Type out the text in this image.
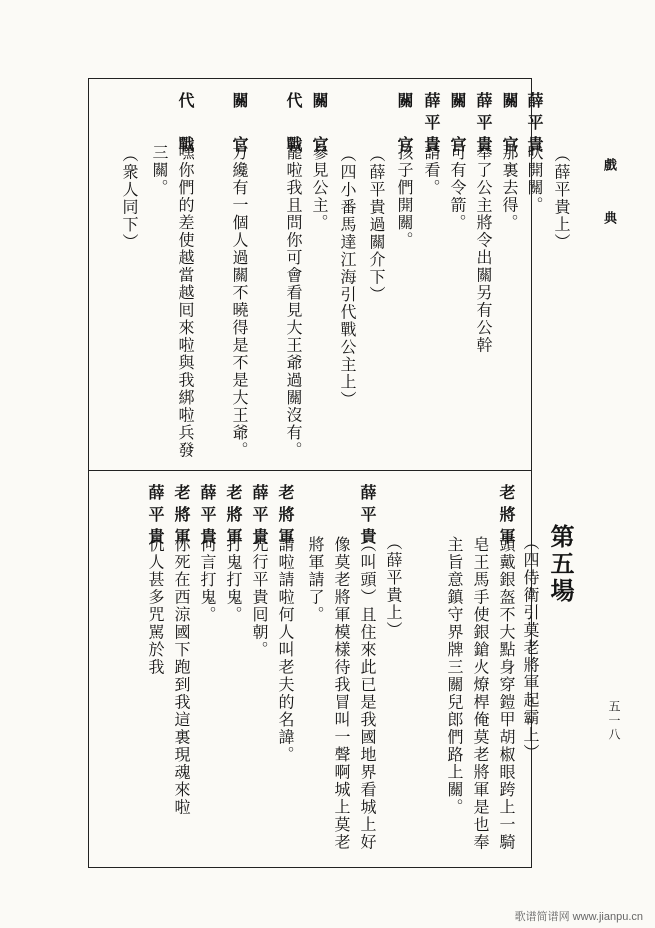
戲典
五一八
（薛平貴上）
薛平貴
吠開關。
關　官
那裏去得。
薛平貴
奉了公主將令出關另有公幹
關　官
可有令箭。
薛平貴
請看。
關　官
孩子們開關。
（薛平貴過關介下）
（四小番馬達江海引代戰公主上）
關　官
參見公主。
代　戰
罷啦我且問你可會看見大王爺過關沒有。
關　官
方纔有一個人過關不曉得是不是大王爺。
代　戰
嘿你們的差使越當越囘來啦與我綁啦兵發
三關。
（衆人同下）
第五場
（四侍衛引莫老將軍起霸上）
老將軍
頭戴銀盔不大點身穿鎧甲胡椒眼跨上一騎
皂王馬手使銀鎗火燎桿俺莫老將軍是也奉
主旨意鎮守界牌三關兒郎們路上關。
（薛平貴上）
薛平貴
（叫頭）且住來此已是我國地界看城上好
像莫老將軍模樣待我冒叫一聲啊城上莫老
將軍請了。
老將軍
請啦請啦何人叫老夫的名諱。
薛平貴
先行平貴囘朝。
老將軍
打鬼打鬼。
薛平貴
何言打鬼。
老將軍
你死在西涼國下跑到我這裏現魂來啦
薛平貴
仇人甚多咒駡於我
歌谱简谱网 www.jianpu.cn
